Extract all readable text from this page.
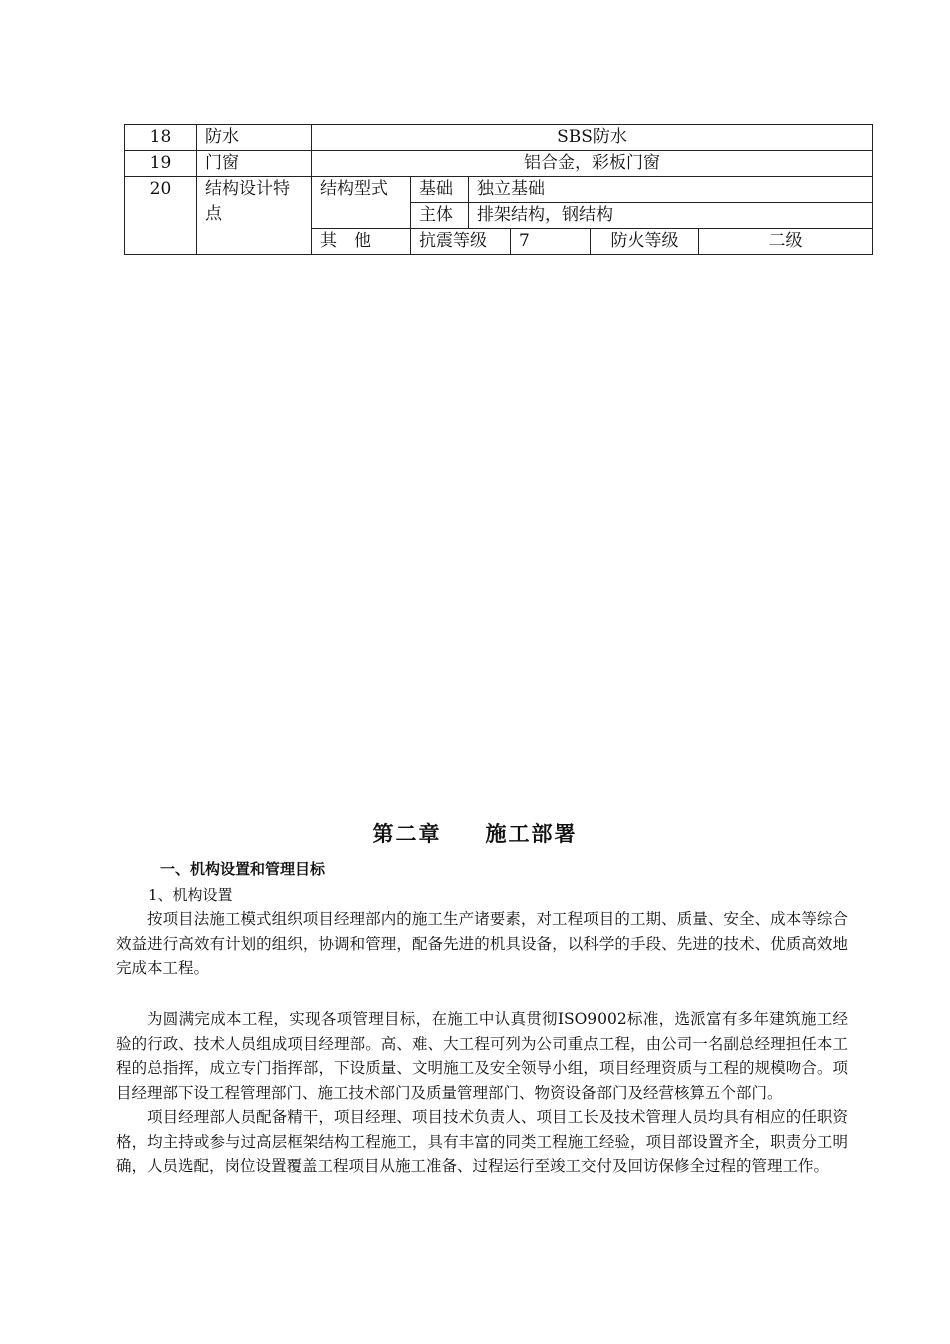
18	防水	SBS防水					
19	门窗	铝合金，彩板门窗					
20	结构设计特点	结构型式	基础	独立基础			
			主体	排架结构，钢结构			
		其　他	抗震等级		7	防火等级	二级
第二章 施工部署
一、机构设置和管理目标
1、机构设置

按项目法施工模式组织项目经理部内的施工生产诸要素，对工程项目的工期、质量、安全、成本等综合效益进行高效有计划的组织，协调和管理，配备先进的机具设备，以科学的手段、先进的技术、优质高效地完成本工程。

为圆满完成本工程，实现各项管理目标，在施工中认真贯彻ISO9002标准，选派富有多年建筑施工经验的行政、技术人员组成项目经理部。高、难、大工程可列为公司重点工程，由公司一名副总经理担任本工程的总指挥，成立专门指挥部，下设质量、文明施工及安全领导小组，项目经理资质与工程的规模吻合。项目经理部下设工程管理部门、施工技术部门及质量管理部门、物资设备部门及经营核算五个部门。

项目经理部人员配备精干，项目经理、项目技术负责人、项目工长及技术管理人员均具有相应的任职资格，均主持或参与过高层框架结构工程施工，具有丰富的同类工程施工经验，项目部设置齐全，职责分工明确，人员选配，岗位设置覆盖工程项目从施工准备、过程运行至竣工交付及回访保修全过程的管理工作。
